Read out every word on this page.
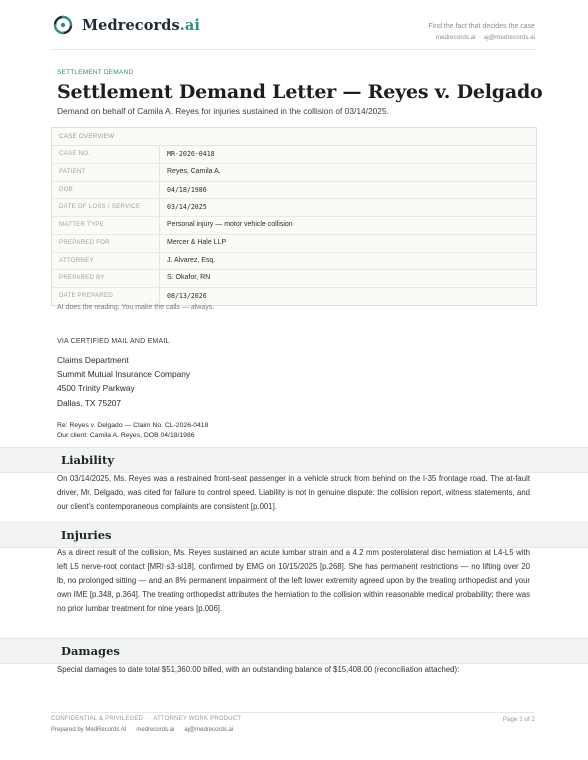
Medrecords.ai	Find the fact that decides the case
medrecords.ai · aj@medrecords.ai
SETTLEMENT DEMAND
Settlement Demand Letter — Reyes v. Delgado
Demand on behalf of Camila A. Reyes for injuries sustained in the collision of 03/14/2025.
CASE OVERVIEW
CASE NO.	MR-2026-0418
PATIENT	Reyes, Camila A.
DOB	04/18/1986
DATE OF LOSS / SERVICE	03/14/2025
MATTER TYPE	Personal injury — motor vehicle collision
PREPARED FOR	Mercer & Hale LLP
ATTORNEY	J. Alvarez, Esq.
PREPARED BY	S. Okafor, RN
DATE PREPARED	08/13/2026
AI does the reading. You make the calls — always.
VIA CERTIFIED MAIL AND EMAIL
Claims Department
Summit Mutual Insurance Company
4500 Trinity Parkway
Dallas, TX 75207
Re: Reyes v. Delgado — Claim No. CL-2026-0418
Our client: Camila A. Reyes, DOB 04/18/1986
Liability
On 03/14/2025, Ms. Reyes was a restrained front-seat passenger in a vehicle struck from behind on the I-35 frontage road. The at-fault driver, Mr. Delgado, was cited for failure to control speed. Liability is not in genuine dispute: the collision report, witness statements, and our client's contemporaneous complaints are consistent [p.001].
Injuries
As a direct result of the collision, Ms. Reyes sustained an acute lumbar strain and a 4.2 mm posterolateral disc herniation at L4-L5 with left L5 nerve-root contact [MRI·s3·sl18], confirmed by EMG on 10/15/2025 [p.268]. She has permanent restrictions — no lifting over 20 lb, no prolonged sitting — and an 8% permanent impairment of the left lower extremity agreed upon by the treating orthopedist and your own IME [p.348, p.364]. The treating orthopedist attributes the herniation to the collision within reasonable medical probability; there was no prior lumbar treatment for nine years [p.006].
Damages
Special damages to date total $51,360.00 billed, with an outstanding balance of $15,408.00 (reconciliation attached):
CONFIDENTIAL & PRIVILEGED · ATTORNEY WORK PRODUCT
Prepared by MedRecords AI · medrecords.ai · aj@medrecords.ai
Page 1 of 2
